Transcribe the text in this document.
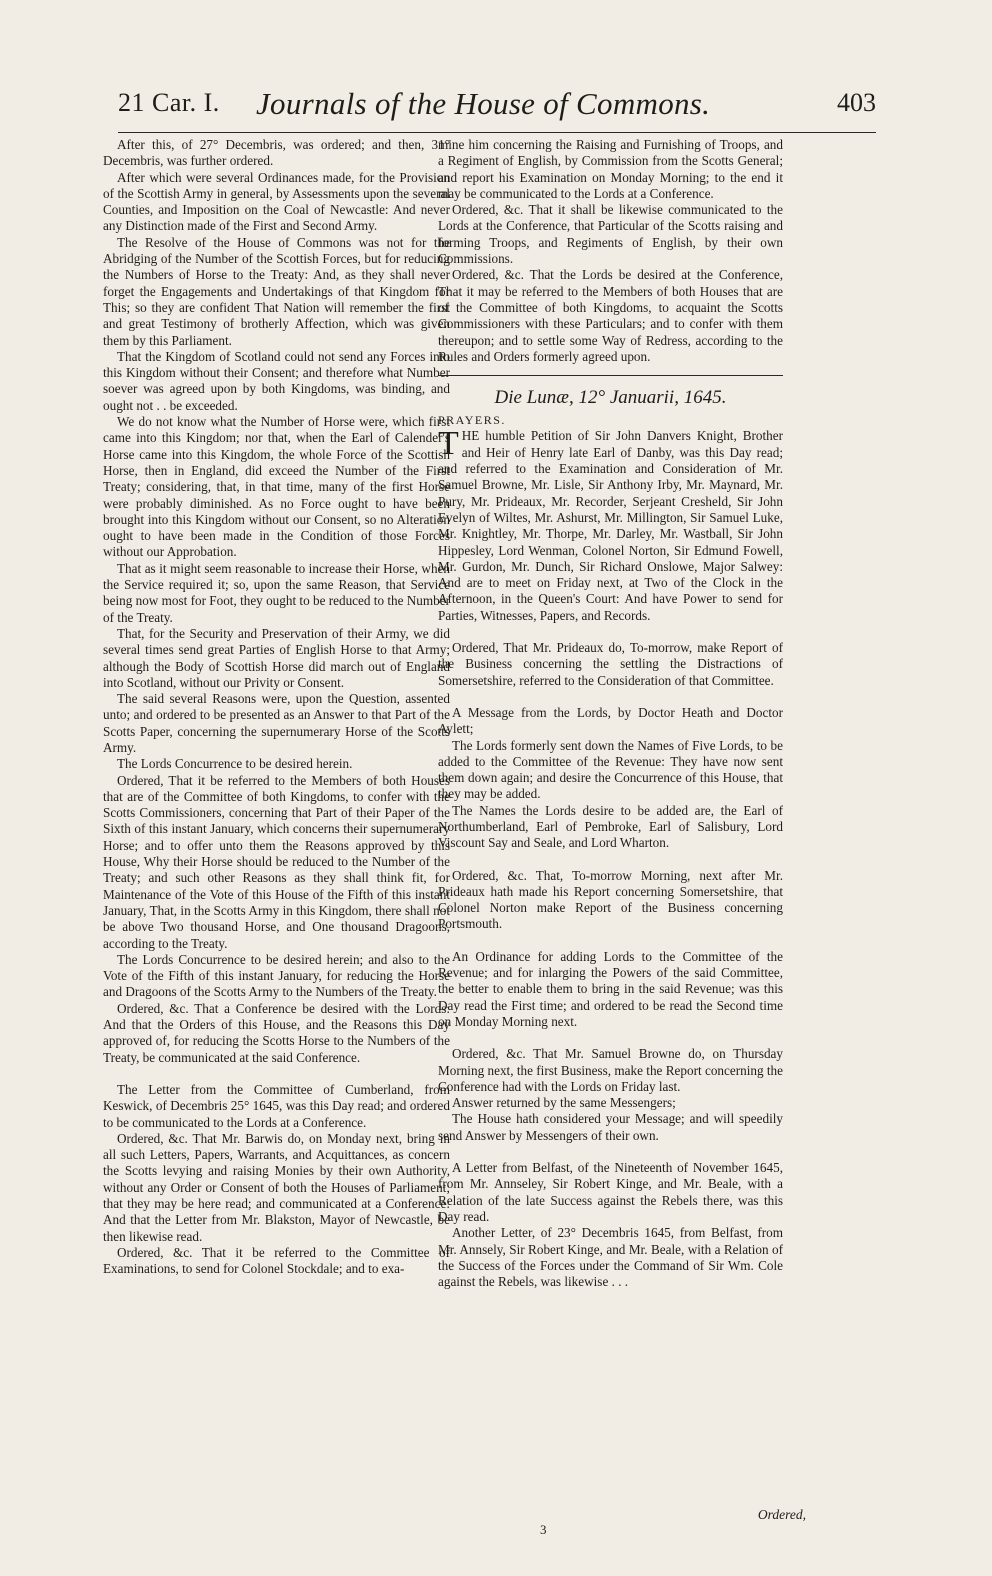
21 Car. I. Journals of the House of Commons.	403

After this, of 27° Decembris, was ordered; and then, 31° Decembris, was further ordered.

After which were several Ordinances made, for the Provision of the Scottish Army in general, by Assessments upon the several Counties, and Imposition on the Coal of Newcastle: And never any Distinction made of the First and Second Army.

The Resolve of the House of Commons was not for the Abridging of the Number of the Scottish Forces, but for reducing the Numbers of Horse to the Treaty: And, as they shall never forget the Engagements and Undertakings of that Kingdom for This; so they are confident That Nation will remember the first and great Testimony of brotherly Affection, which was given them by this Parliament.

That the Kingdom of Scotland could not send any Forces into this Kingdom without their Consent; and therefore what Number soever was agreed upon by both Kingdoms, was binding, and ought not . . be exceeded.

We do not know what the Number of Horse were, which first came into this Kingdom; nor that, when the Earl of Calender's Horse came into this Kingdom, the whole Force of the Scottish Horse, then in England, did exceed the Number of the First Treaty; considering, that, in that time, many of the first Horse were probably diminished. As no Force ought to have been brought into this Kingdom without our Consent, so no Alteration ought to have been made in the Condition of those Forces without our Approbation.

That as it might seem reasonable to increase their Horse, when the Service required it; so, upon the same Reason, that Service being now most for Foot, they ought to be reduced to the Number of the Treaty.

That, for the Security and Preservation of their Army, we did several times send great Parties of English Horse to that Army; although the Body of Scottish Horse did march out of England into Scotland, without our Privity or Consent.

The said several Reasons were, upon the Question, assented unto; and ordered to be presented as an Answer to that Part of the Scotts Paper, concerning the supernumerary Horse of the Scotts Army.

The Lords Concurrence to be desired herein.

Ordered, That it be referred to the Members of both Houses that are of the Committee of both Kingdoms, to confer with the Scotts Commissioners, concerning that Part of their Paper of the Sixth of this instant January, which concerns their supernumerary Horse; and to offer unto them the Reasons approved by this House, Why their Horse should be reduced to the Number of the Treaty; and such other Reasons as they shall think fit, for Maintenance of the Vote of this House of the Fifth of this instant January, That, in the Scotts Army in this Kingdom, there shall not be above Two thousand Horse, and One thousand Dragoons, according to the Treaty.

The Lords Concurrence to be desired herein; and also to the Vote of the Fifth of this instant January, for reducing the Horse and Dragoons of the Scotts Army to the Numbers of the Treaty.

Ordered, &c. That a Conference be desired with the Lords: And that the Orders of this House, and the Reasons this Day approved of, for reducing the Scotts Horse to the Numbers of the Treaty, be communicated at the said Conference.

The Letter from the Committee of Cumberland, from Keswick, of Decembris 25° 1645, was this Day read; and ordered to be communicated to the Lords at a Conference.

Ordered, &c. That Mr. Barwis do, on Monday next, bring in all such Letters, Papers, Warrants, and Acquittances, as concern the Scotts levying and raising Monies by their own Authority, without any Order or Consent of both the Houses of Parliament; that they may be here read; and communicated at a Conference: And that the Letter from Mr. Blakston, Mayor of Newcastle, be then likewise read.

Ordered, &c. That it be referred to the Committee of Examinations, to send for Colonel Stockdale; and to exa-

mine him concerning the Raising and Furnishing of Troops, and a Regiment of English, by Commission from the Scotts General; and report his Examination on Monday Morning; to the end it may be communicated to the Lords at a Conference.

Ordered, &c. That it shall be likewise communicated to the Lords at the Conference, that Particular of the Scotts raising and forming Troops, and Regiments of English, by their own Commissions.

Ordered, &c. That the Lords be desired at the Conference, That it may be referred to the Members of both Houses that are of the Committee of both Kingdoms, to acquaint the Scotts Commissioners with these Particulars; and to confer with them thereupon; and to settle some Way of Redress, according to the Rules and Orders formerly agreed upon.

Die Lunæ, 12° Januarii, 1645.
PRAYERS.

THE humble Petition of Sir John Danvers Knight, Brother and Heir of Henry late Earl of Danby, was this Day read; and referred to the Examination and Consideration of Mr. Samuel Browne, Mr. Lisle, Sir Anthony Irby, Mr. Maynard, Mr. Pury, Mr. Prideaux, Mr. Recorder, Serjeant Cresheld, Sir John Evelyn of Wiltes, Mr. Ashurst, Mr. Millington, Sir Samuel Luke, Mr. Knightley, Mr. Thorpe, Mr. Darley, Mr. Wastball, Sir John Hippesley, Lord Wenman, Colonel Norton, Sir Edmund Fowell, Mr. Gurdon, Mr. Dunch, Sir Richard Onslowe, Major Salwey: And are to meet on Friday next, at Two of the Clock in the Afternoon, in the Queen's Court: And have Power to send for Parties, Witnesses, Papers, and Records.

Ordered, That Mr. Prideaux do, To-morrow, make Report of the Business concerning the settling the Distractions of Somersetshire, referred to the Consideration of that Committee.

A Message from the Lords, by Doctor Heath and Doctor Aylett;

The Lords formerly sent down the Names of Five Lords, to be added to the Committee of the Revenue: They have now sent them down again; and desire the Concurrence of this House, that they may be added.

The Names the Lords desire to be added are, the Earl of Northumberland, Earl of Pembroke, Earl of Salisbury, Lord Viscount Say and Seale, and Lord Wharton.

Ordered, &c. That, To-morrow Morning, next after Mr. Prideaux hath made his Report concerning Somersetshire, that Colonel Norton make Report of the Business concerning Portsmouth.

An Ordinance for adding Lords to the Committee of the Revenue; and for inlarging the Powers of the said Committee, the better to enable them to bring in the said Revenue; was this Day read the First time; and ordered to be read the Second time on Monday Morning next.

Ordered, &c. That Mr. Samuel Browne do, on Thursday Morning next, the first Business, make the Report concerning the Conference had with the Lords on Friday last.

Answer returned by the same Messengers;

The House hath considered your Message; and will speedily send Answer by Messengers of their own.

A Letter from Belfast, of the Nineteenth of November 1645, from Mr. Annseley, Sir Robert Kinge, and Mr. Beale, with a Relation of the late Success against the Rebels there, was this Day read.

Another Letter, of 23° Decembris 1645, from Belfast, from Mr. Annsely, Sir Robert Kinge, and Mr. Beale, with a Relation of the Success of the Forces under the Command of Sir Wm. Cole against the Rebels, was likewise . . .

Ordered,
3
